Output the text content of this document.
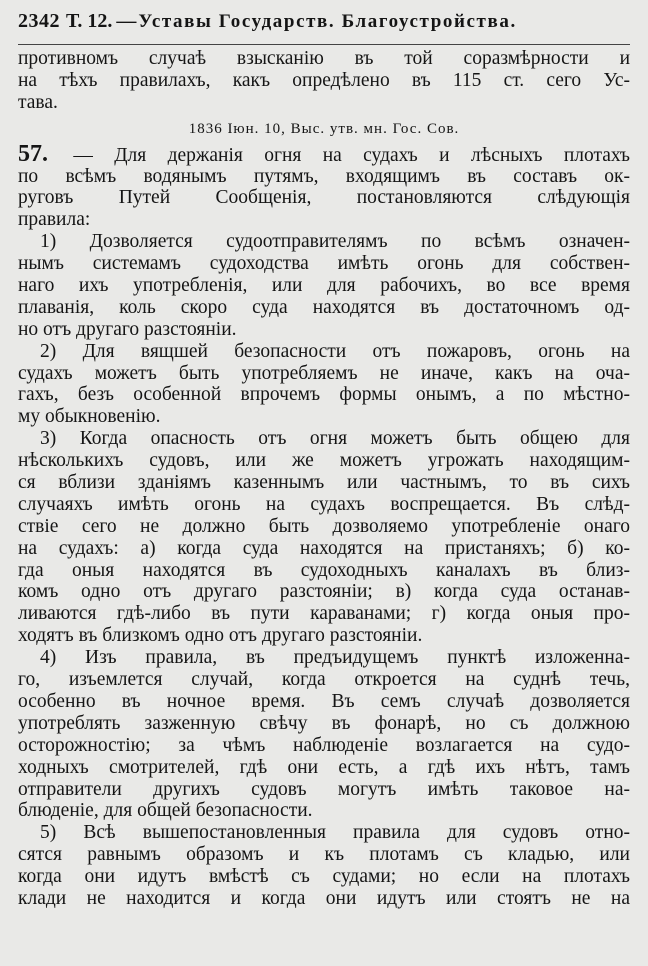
2342 Т. 12. — Уставы Государств. Благоустройства.
противномъ случаѣ взысканію въ той соразмѣрности и
на тѣхъ правилахъ, какъ опредѣлено въ 115 ст. сего Ус-
тава.
1836 Іюн. 10, Выс. утв. мн. Гос. Сов.
57. — Для держанія огня на судахъ и лѣсныхъ плотахъ
по всѣмъ водянымъ путямъ, входящимъ въ составъ ок-
руговъ Путей Сообщенія, постановляются слѣдующія
правила:
1) Дозволяется судоотправителямъ по всѣмъ означен-
нымъ системамъ судоходства имѣть огонь для собствен-
наго ихъ употребленія, или для рабочихъ, во все время
плаванія, коль скоро суда находятся въ достаточномъ од-
но отъ другаго разстояніи.
2) Для вящшей безопасности отъ пожаровъ, огонь на
судахъ можетъ быть употребляемъ не иначе, какъ на оча-
гахъ, безъ особенной впрочемъ формы онымъ, а по мѣстно-
му обыкновенію.
3) Когда опасность отъ огня можетъ быть общею для
нѣсколькихъ судовъ, или же можетъ угрожать находящим-
ся вблизи зданіямъ казеннымъ или частнымъ, то въ сихъ
случаяхъ имѣть огонь на судахъ воспрещается. Въ слѣд-
ствіе сего не должно быть дозволяемо употребленіе онаго
на судахъ: а) когда суда находятся на пристаняхъ; б) ко-
гда оныя находятся въ судоходныхъ каналахъ въ близ-
комъ одно отъ другаго разстояніи; в) когда суда останав-
ливаются гдѣ-либо въ пути караванами; г) когда оныя про-
ходятъ въ близкомъ одно отъ другаго разстояніи.
4) Изъ правила, въ предъидущемъ пунктѣ изложенна-
го, изъемлется случай, когда откроется на суднѣ течь,
особенно въ ночное время. Въ семъ случаѣ дозволяется
употреблять зазженную свѣчу въ фонарѣ, но съ должною
осторожностію; за чѣмъ наблюденіе возлагается на судо-
ходныхъ смотрителей, гдѣ они есть, а гдѣ ихъ нѣтъ, тамъ
отправители другихъ судовъ могутъ имѣть таковое на-
блюденіе, для общей безопасности.
5) Всѣ вышепостановленныя правила для судовъ отно-
сятся равнымъ образомъ и къ плотамъ съ кладью, или
когда они идутъ вмѣстѣ съ судами; но если на плотахъ
клади не находится и когда они идутъ или стоятъ не на
